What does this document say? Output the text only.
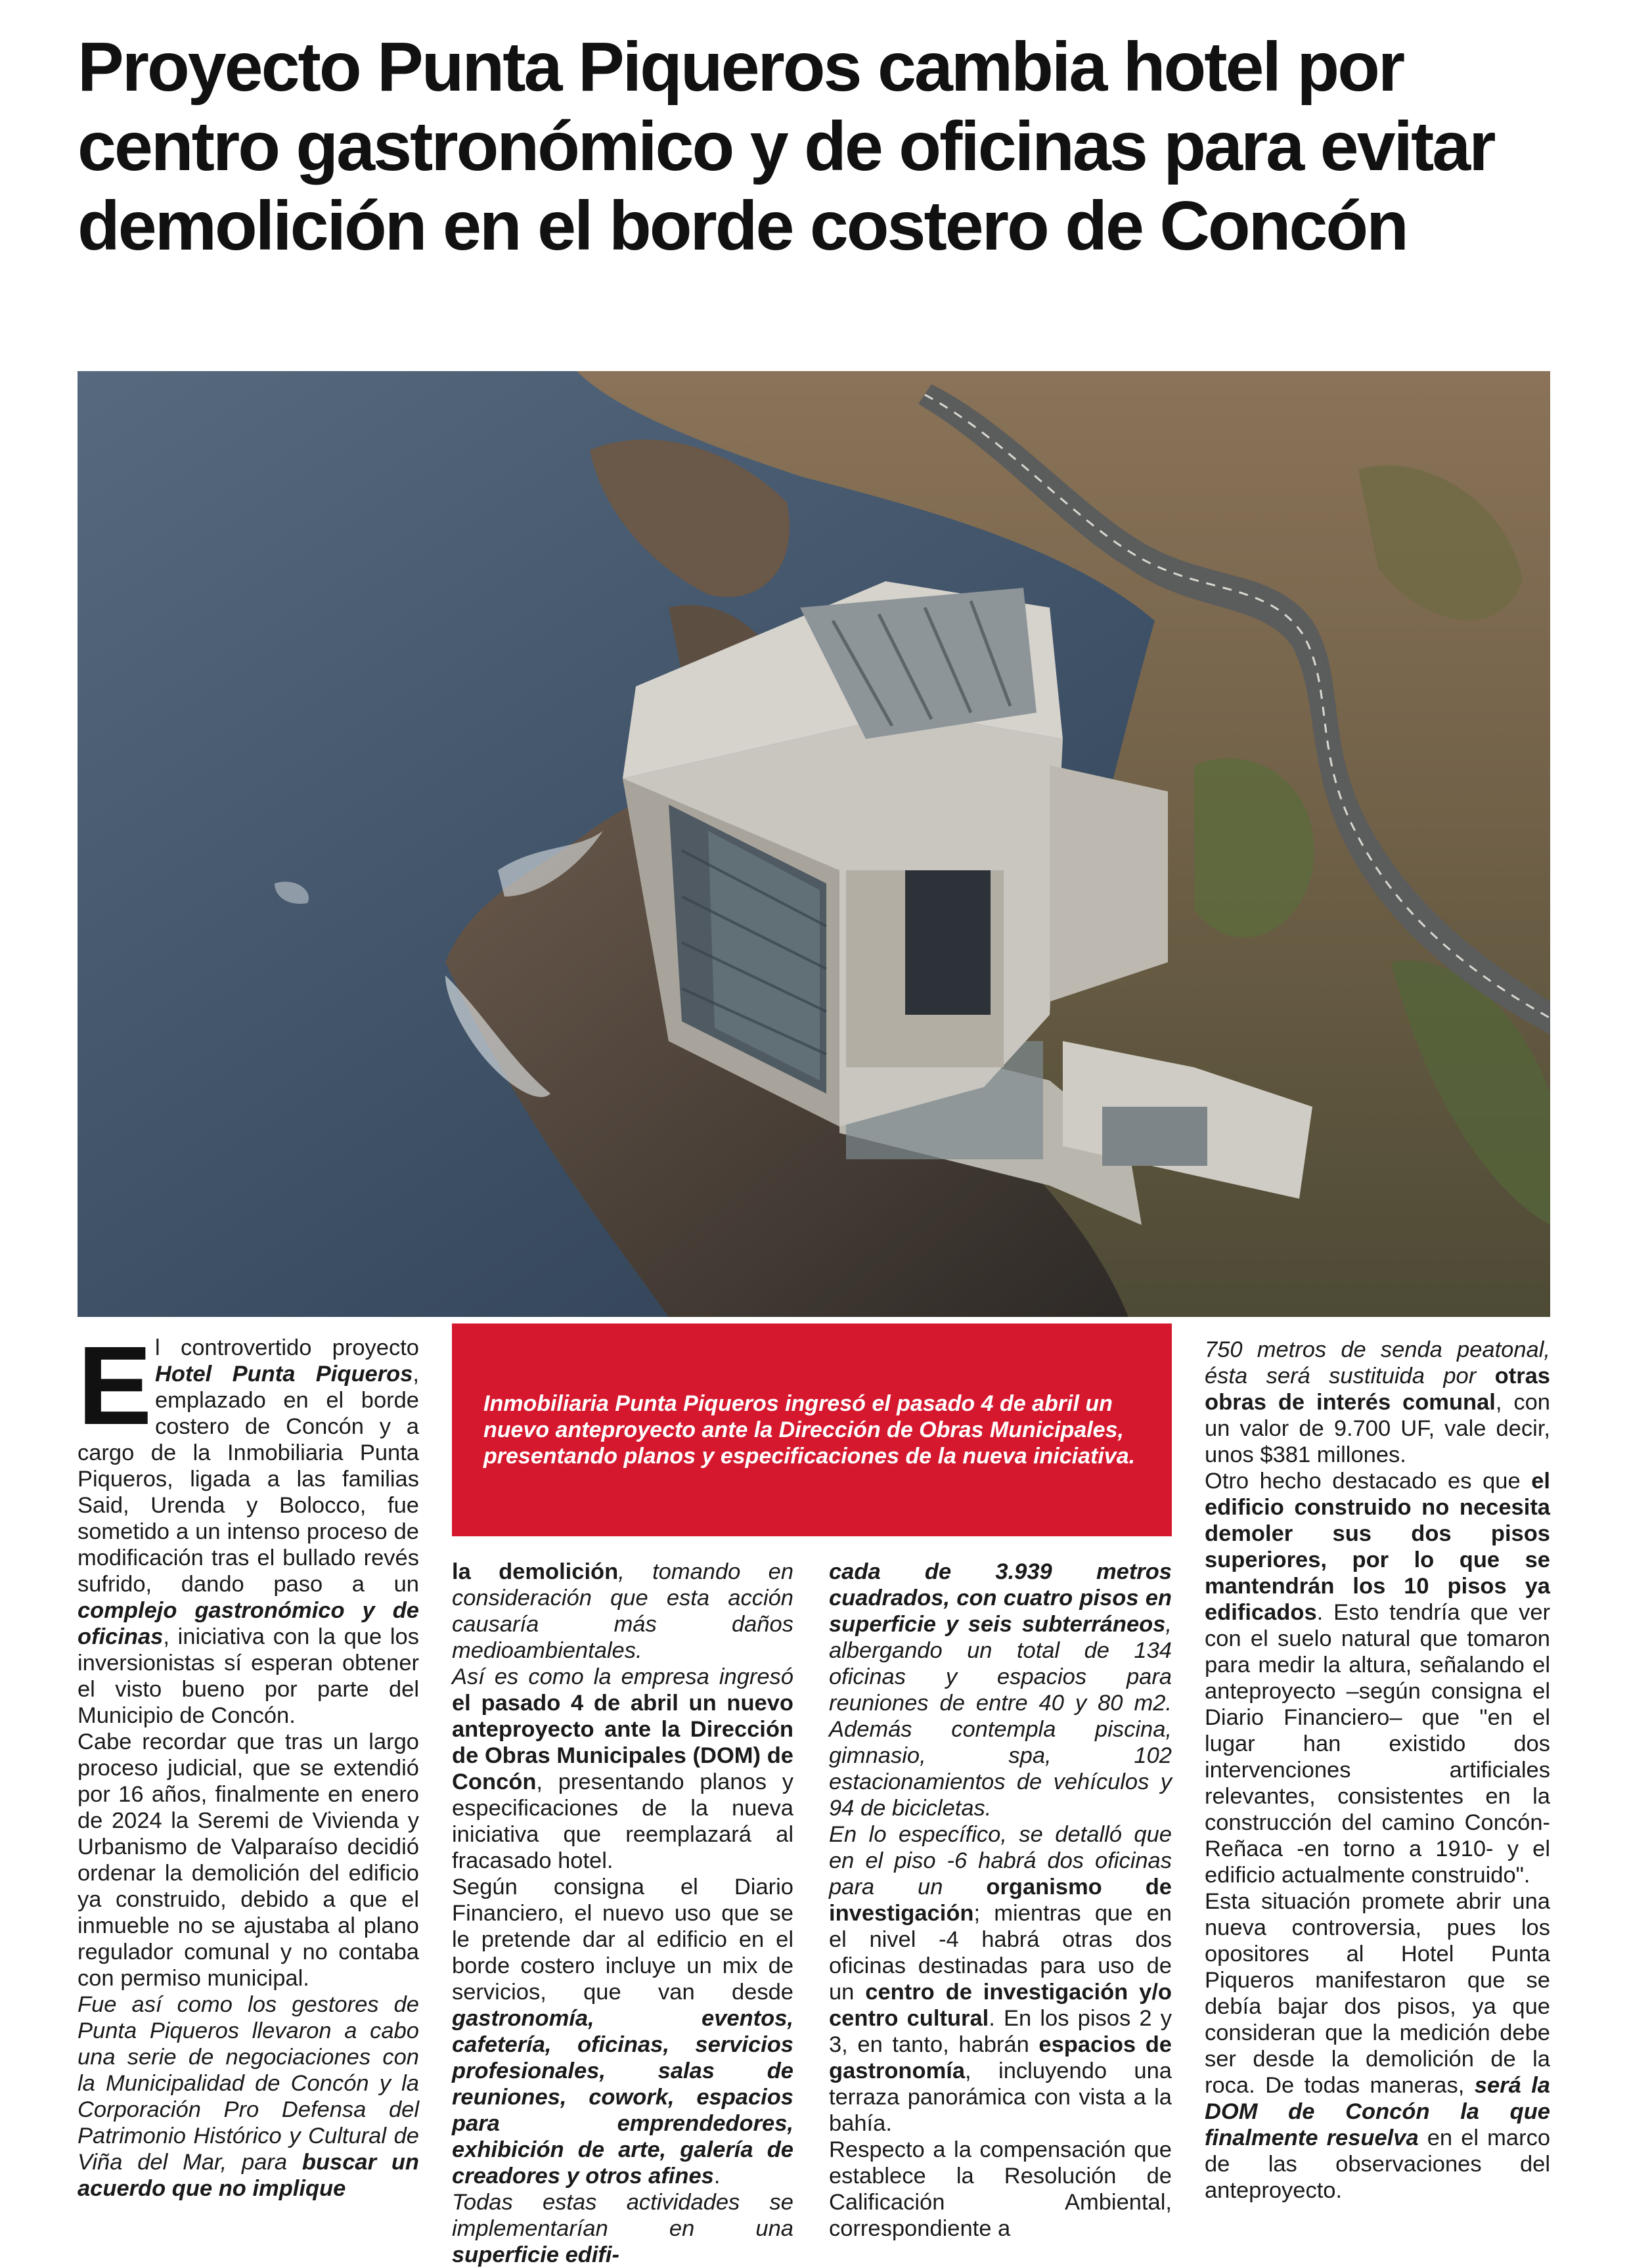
Proyecto Punta Piqueros cambia hotel por centro gastronómico y de oficinas para evitar demolición en el borde costero de Concón

Inmobiliaria Punta Piqueros ingresó el pasado 4 de abril un nuevo anteproyecto ante la Dirección de Obras Municipales, presentando planos y especificaciones de la nueva iniciativa.

E l controvertido proyecto Hotel Punta Piqueros, emplazado en el borde costero de Concón y a cargo de la Inmobiliaria Punta Piqueros, ligada a las familias Said, Urenda y Bolocco, fue sometido a un intenso proceso de modificación tras el bullado revés sufrido, dando paso a un complejo gastronómico y de oficinas, iniciativa con la que los inversionistas sí esperan obtener el visto bueno por parte del Municipio de Concón.

Cabe recordar que tras un largo proceso judicial, que se extendió por 16 años, finalmente en enero de 2024 la Seremi de Vivienda y Urbanismo de Valparaíso decidió ordenar la demolición del edificio ya construido, debido a que el inmueble no se ajustaba al plano regulador comunal y no contaba con permiso municipal.

Fue así como los gestores de Punta Piqueros llevaron a cabo una serie de negociaciones con la Municipalidad de Concón y la Corporación Pro Defensa del Patrimonio Histórico y Cultural de Viña del Mar, para buscar un acuerdo que no implique

la demolición, tomando en consideración que esta acción causaría más daños medioambientales.

Así es como la empresa ingresó el pasado 4 de abril un nuevo anteproyecto ante la Dirección de Obras Municipales (DOM) de Concón, presentando planos y especificaciones de la nueva iniciativa que reemplazará al fracasado hotel.

Según consigna el Diario Financiero, el nuevo uso que se le pretende dar al edificio en el borde costero incluye un mix de servicios, que van desde gastronomía, eventos, cafetería, oficinas, servicios profesionales, salas de reuniones, cowork, espacios para emprendedores, exhibición de arte, galería de creadores y otros afines.

Todas estas actividades se implementarían en una superficie edifi-

cada de 3.939 metros cuadrados, con cuatro pisos en superficie y seis subterráneos, albergando un total de 134 oficinas y espacios para reuniones de entre 40 y 80 m2. Además contempla piscina, gimnasio, spa, 102 estacionamientos de vehículos y 94 de bicicletas.

En lo específico, se detalló que en el piso -6 habrá dos oficinas para un organismo de investigación; mientras que en el nivel -4 habrá otras dos oficinas destinadas para uso de un centro de investigación y/o centro cultural. En los pisos 2 y 3, en tanto, habrán espacios de gastronomía, incluyendo una terraza panorámica con vista a la bahía.

Respecto a la compensación que establece la Resolución de Calificación Ambiental, correspondiente a

750 metros de senda peatonal, ésta será sustituida por otras obras de interés comunal, con un valor de 9.700 UF, vale decir, unos $381 millones.

Otro hecho destacado es que el edificio construido no necesita demoler sus dos pisos superiores, por lo que se mantendrán los 10 pisos ya edificados. Esto tendría que ver con el suelo natural que tomaron para medir la altura, señalando el anteproyecto –según consigna el Diario Financiero– que "en el lugar han existido dos intervenciones artificiales relevantes, consistentes en la construcción del camino Concón-Reñaca -en torno a 1910- y el edificio actualmente construido".

Esta situación promete abrir una nueva controversia, pues los opositores al Hotel Punta Piqueros manifestaron que se debía bajar dos pisos, ya que consideran que la medición debe ser desde la demolición de la roca. De todas maneras, será la DOM de Concón la que finalmente resuelva en el marco de las observaciones del anteproyecto.
